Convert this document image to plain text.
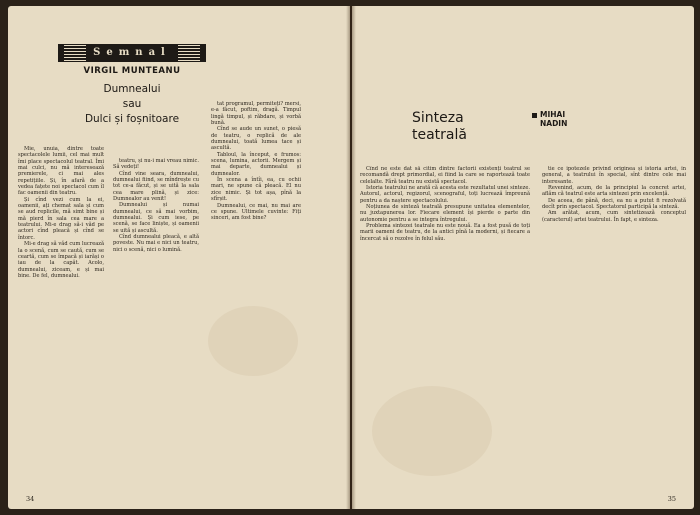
Semnal
VIRGIL MUNTEANU
Dumnealui
sau
Dulci și foșnitoare

Mie, unuia, dintre toate spectacolele lumii, cel mai mult îmi place spectacolul teatral. Îmi mai culci, nu mă interesează premierele, ci mai ales repetițiile. Și, în afară de a vedea fațete noi spectacol cum îl fac oamenii din teatru.

Și cînd vezi cum la ei, oamenii, ați chemat sala și cum se aud replicile, mă simt bine și mă pierd în sala cea mare a teatrului. Mi-e drag să-i văd pe actori cînd pleacă și cînd se întorc.

Mi-e drag să văd cum lucrează la o scenă, cum se caută, cum se ceartă, cum se împacă și iarăși o iau de la capăt. Acolo, dumnealui, ziceam, e și mai bine. De fel, dumnealui.

teatru, și nu-i mai vreau nimic. Să vedeți!

Cînd vine seara, dumnealui, dumnealui fiind, se mîndrește cu tot ce-a făcut, și se uită la sala cea mare plină, și zice: Dumnealor au venit!

Dumnealui și numai dumnealui, ce să mai vorbim, dumnealui. Și cum iese, pe scenă, se face liniște, și oamenii se uită și ascultă.

Cînd dumnealui pleacă, e altă poveste. Nu mai e nici un teatru, nici o scenă, nici o lumină.

tat programul, permiteți? mersi, e-a făcut, poftim, dragă. Timpul lingă timpul, și răbdare, și vorbă bună.

Cînd se aude un sunet, o piesă de teatru, o replică de ale dumnealui, toată lumea tace și ascultă.

Tabloul, la început, e frumos: scena, lumina, actorii. Mergem și mai departe, dumnealui și dumnealor.

În scena a întîi, ea, cu ochii mari, ne spune că pleacă. El nu zice nimic. Și tot așa, pînă la sfîrșit.

Dumnealui, ce mai, nu mai are ce spune. Ultimele cuvinte: Fiți sinceri, am fost bine?

34
Sinteza
teatrală
MIHAI
NADIN

Cînd ne este dat să citim dintre factorii existenți teatrul se recomandă drept primordial, ei fiind la care se raportează toate celelalte. Fără teatru nu există spectacol.

Istoria teatrului ne arată că acesta este rezultatul unei sinteze. Autorul, actorul, regizorul, scenograful, toți lucrează împreună pentru a da naștere spectacolului.

Noțiunea de sinteză teatrală presupune unitatea elementelor, nu juxtapunerea lor. Fiecare element își pierde o parte din autonomie pentru a se integra întregului.

Problema sintezei teatrale nu este nouă. Ea a fost pusă de toți marii oameni de teatru, de la antici pînă la moderni, și fiecare a încercat să o rezolve în felul său.

tie ce ipotezele privind originea și istoria artei, în general, a teatrului în special, sînt dintre cele mai interesante.

Revenind, acum, de la principiul la concret artei, aflăm că teatrul este arta sintezei prin excelență.

De aceea, de până, deci, ea nu a putut fi rezolvată decît prin spectacol. Spectatorul participă la sinteză.

Am arătat, acum, cum sintetizează conceptul (caracterul) artei teatrului. În fapt, e sinteza.

35
